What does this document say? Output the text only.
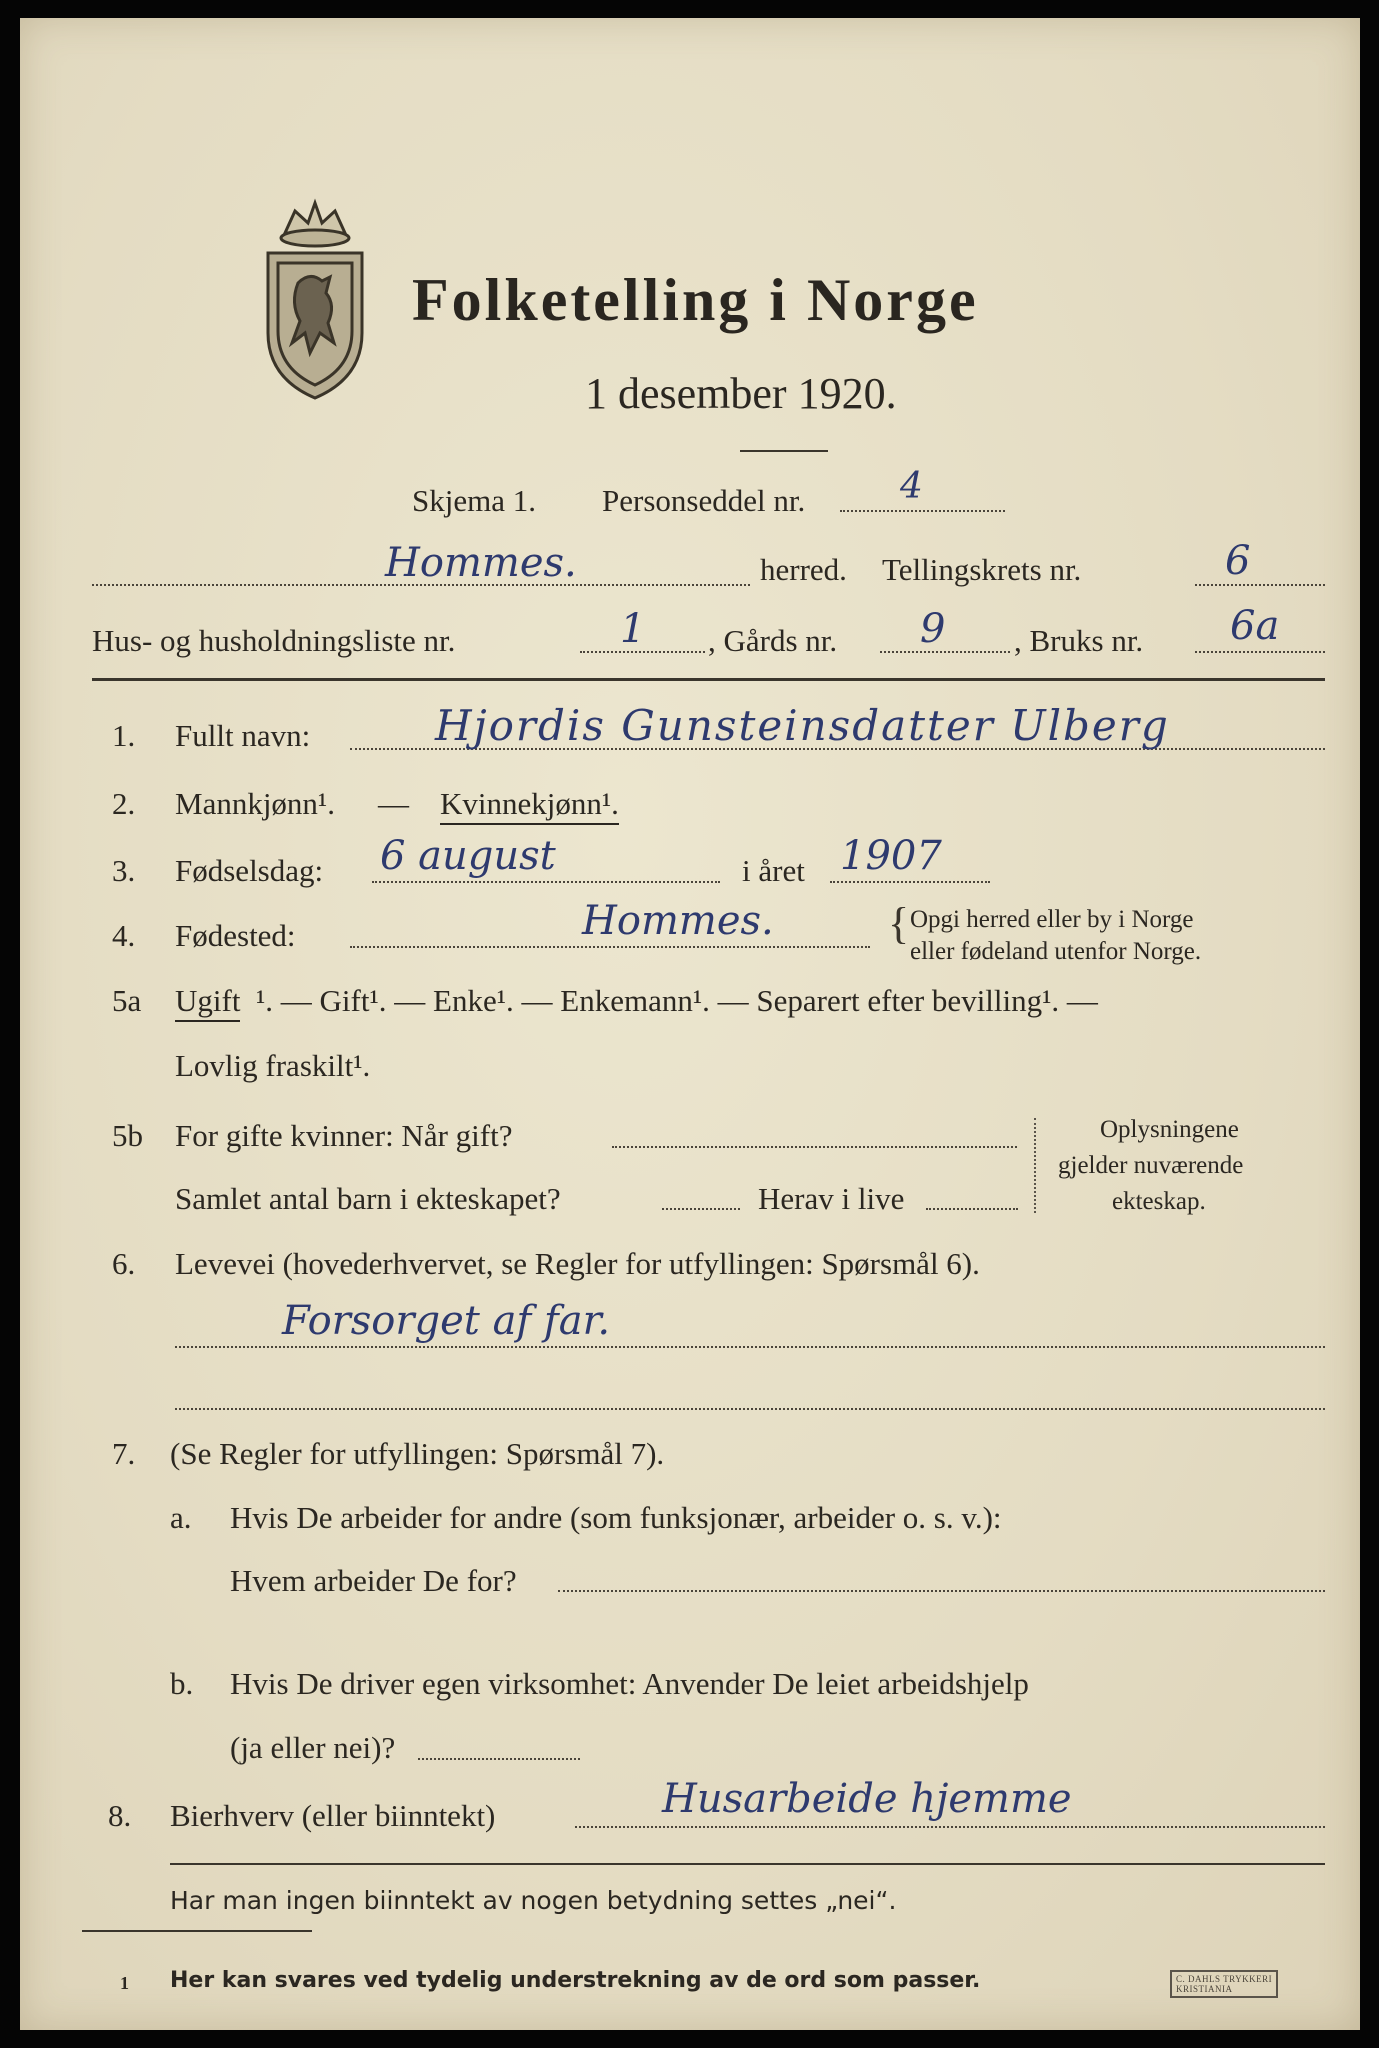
Folketelling i Norge
1 desember 1920.
Skjema 1. Personseddel nr.	4
Hommes.	herred. Tellingskrets nr.	6
Hus- og husholdningsliste nr.	1 , Gårds nr. 9 , Bruks nr. 6a
1. Fullt navn:	Hjordis Gunsteinsdatter Ulberg
2. Mannkjønn¹. — Kvinnekjønn¹.
3. Fødselsdag: 6 august	i året 1907
4. Fødested:	Hommes.	{ Opgi herred eller by i Norge
eller fødeland utenfor Norge.
5a Ugift ¹. — Gift¹. — Enke¹. — Enkemann¹. — Separert efter bevilling¹. —
Lovlig fraskilt¹.
5b For gifte kvinner: Når gift?
Samlet antal barn i ekteskapet?	Herav i live
Oplysningene
gjelder nuværende
ekteskap.
6. Levevei (hovederhvervet, se Regler for utfyllingen: Spørsmål 6).
Forsorget af far.
7. (Se Regler for utfyllingen: Spørsmål 7).
a. Hvis De arbeider for andre (som funksjonær, arbeider o. s. v.):
Hvem arbeider De for?
b. Hvis De driver egen virksomhet: Anvender De leiet arbeidshjelp
(ja eller nei)?
8. Bierhverv (eller biinntekt)	Husarbeide hjemme
Har man ingen biinntekt av nogen betydning settes „nei“.
1 Her kan svares ved tydelig understrekning av de ord som passer.	C. DAHLS TRYKKERI
KRISTIANIA
